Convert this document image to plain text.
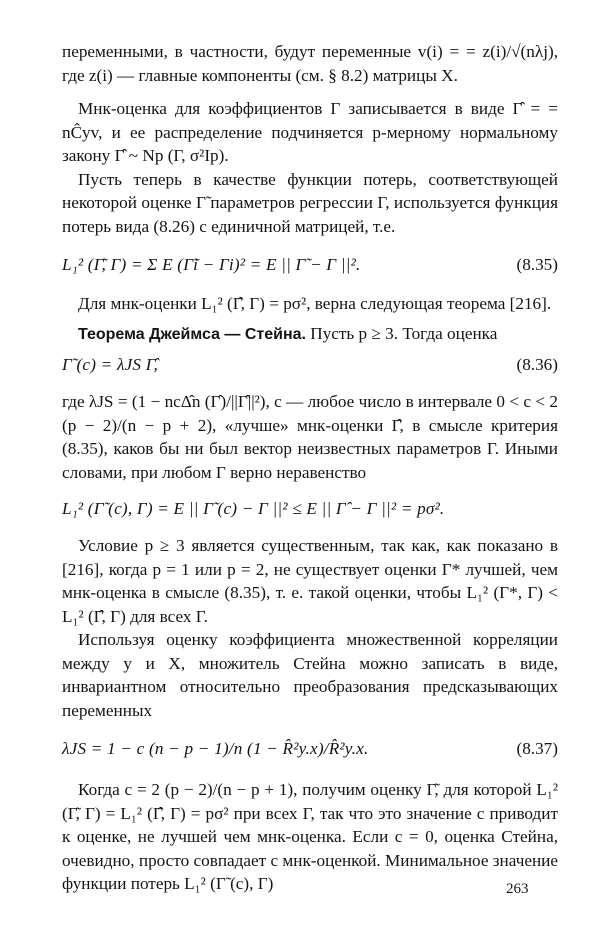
переменными, в частности, будут переменные v(i) = = z(i)/√(nλj), где z(i) — главные компоненты (см. § 8.2) матрицы X.

Мнк-оценка для коэффициентов Γ записывается в виде Γ̂ = = nĈyv, и ее распределение подчиняется p-мерному нормальному закону Γ̂ ~ Np (Γ, σ²Ip).

Пусть теперь в качестве функции потерь, соответствующей некоторой оценке Γ̃ параметров регрессии Γ, используется функция потерь вида (8.26) с единичной матрицей, т.е.

L₁² (Γ̃, Γ) = Σ E (Γ̃i − Γi)² = E || Γ̃ − Γ ||².	(8.35)

Для мнк-оценки L₁² (Γ̂, Γ) = pσ², верна следующая теорема [216].

Теорема Джеймса — Стейна. Пусть p ≥ 3. Тогда оценка

Γ̃ (c) = λJS Γ̂,	(8.36)

где λJS = (1 − ncΔ̂n (Γ̂)/||Γ̂||²), c — любое число в интервале 0 < c < 2 (p − 2)/(n − p + 2), «лучше» мнк-оценки Γ̂, в смысле критерия (8.35), каков бы ни был вектор неизвестных параметров Γ. Иными словами, при любом Γ верно неравенство

L₁² (Γ̃ (c), Γ) = E || Γ̃ (c) − Γ ||² ≤ E || Γ̂ − Γ ||² = pσ².

Условие p ≥ 3 является существенным, так как, как показано в [216], когда p = 1 или p = 2, не существует оценки Γ* лучшей, чем мнк-оценка в смысле (8.35), т. е. такой оценки, чтобы L₁² (Γ*, Γ) < L₁² (Γ̂, Γ) для всех Γ.

Используя оценку коэффициента множественной корреляции между y и X, множитель Стейна можно записать в виде, инвариантном относительно преобразования предсказывающих переменных

λJS = 1 − c (n − p − 1)/n (1 − R̂²y.x)/R̂²y.x.	(8.37)

Когда c = 2 (p − 2)/(n − p + 1), получим оценку Γ̃, для которой L₁² (Γ̃, Γ) = L₁² (Γ̂, Γ) = pσ² при всех Γ, так что это значение c приводит к оценке, не лучшей чем мнк-оценка. Если c = 0, оценка Стейна, очевидно, просто совпадает с мнк-оценкой. Минимальное значение функции потерь L₁² (Γ̃ (c), Γ)	263
